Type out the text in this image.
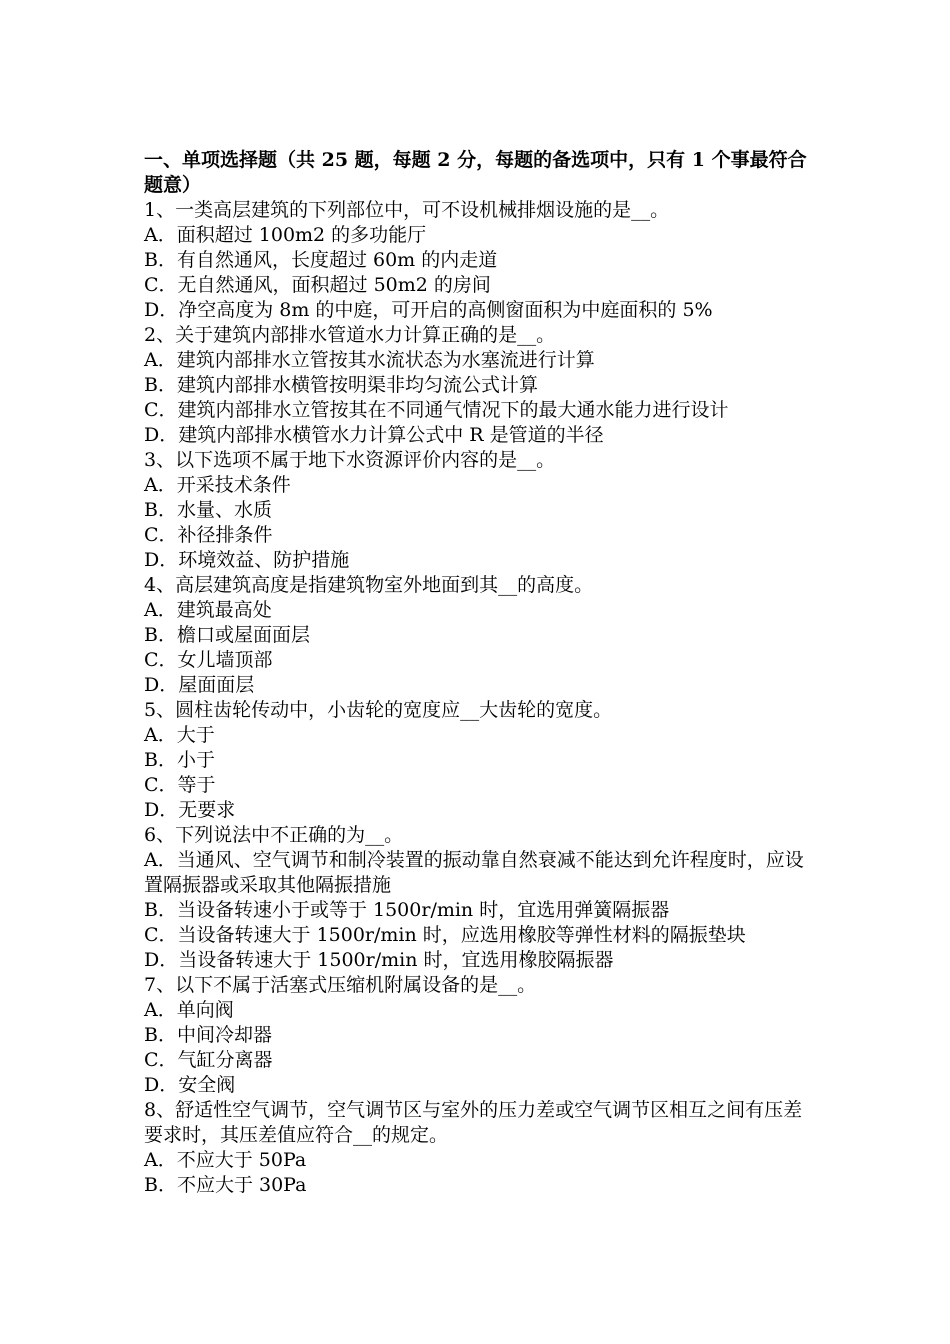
一、单项选择题（共 25 题，每题 2 分，每题的备选项中，只有 1 个事最符合题意）

1、一类高层建筑的下列部位中，可不设机械排烟设施的是__。

A．面积超过 100m2 的多功能厅

B．有自然通风，长度超过 60m 的内走道

C．无自然通风，面积超过 50m2 的房间

D．净空高度为 8m 的中庭，可开启的高侧窗面积为中庭面积的 5%

2、关于建筑内部排水管道水力计算正确的是__。

A．建筑内部排水立管按其水流状态为水塞流进行计算

B．建筑内部排水横管按明渠非均匀流公式计算

C．建筑内部排水立管按其在不同通气情况下的最大通水能力进行设计

D．建筑内部排水横管水力计算公式中 R 是管道的半径

3、以下选项不属于地下水资源评价内容的是__。

A．开采技术条件

B．水量、水质

C．补径排条件

D．环境效益、防护措施

4、高层建筑高度是指建筑物室外地面到其__的高度。

A．建筑最高处

B．檐口或屋面面层

C．女儿墙顶部

D．屋面面层

5、圆柱齿轮传动中，小齿轮的宽度应__大齿轮的宽度。

A．大于

B．小于

C．等于

D．无要求

6、下列说法中不正确的为__。

A．当通风、空气调节和制冷装置的振动靠自然衰减不能达到允许程度时，应设置隔振器或采取其他隔振措施

B．当设备转速小于或等于 1500r/min 时，宜选用弹簧隔振器

C．当设备转速大于 1500r/min 时，应选用橡胶等弹性材料的隔振垫块

D．当设备转速大于 1500r/min 时，宜选用橡胶隔振器

7、以下不属于活塞式压缩机附属设备的是__。

A．单向阀

B．中间冷却器

C．气缸分离器

D．安全阀

8、舒适性空气调节，空气调节区与室外的压力差或空气调节区相互之间有压差要求时，其压差值应符合__的规定。

A．不应大于 50Pa

B．不应大于 30Pa
